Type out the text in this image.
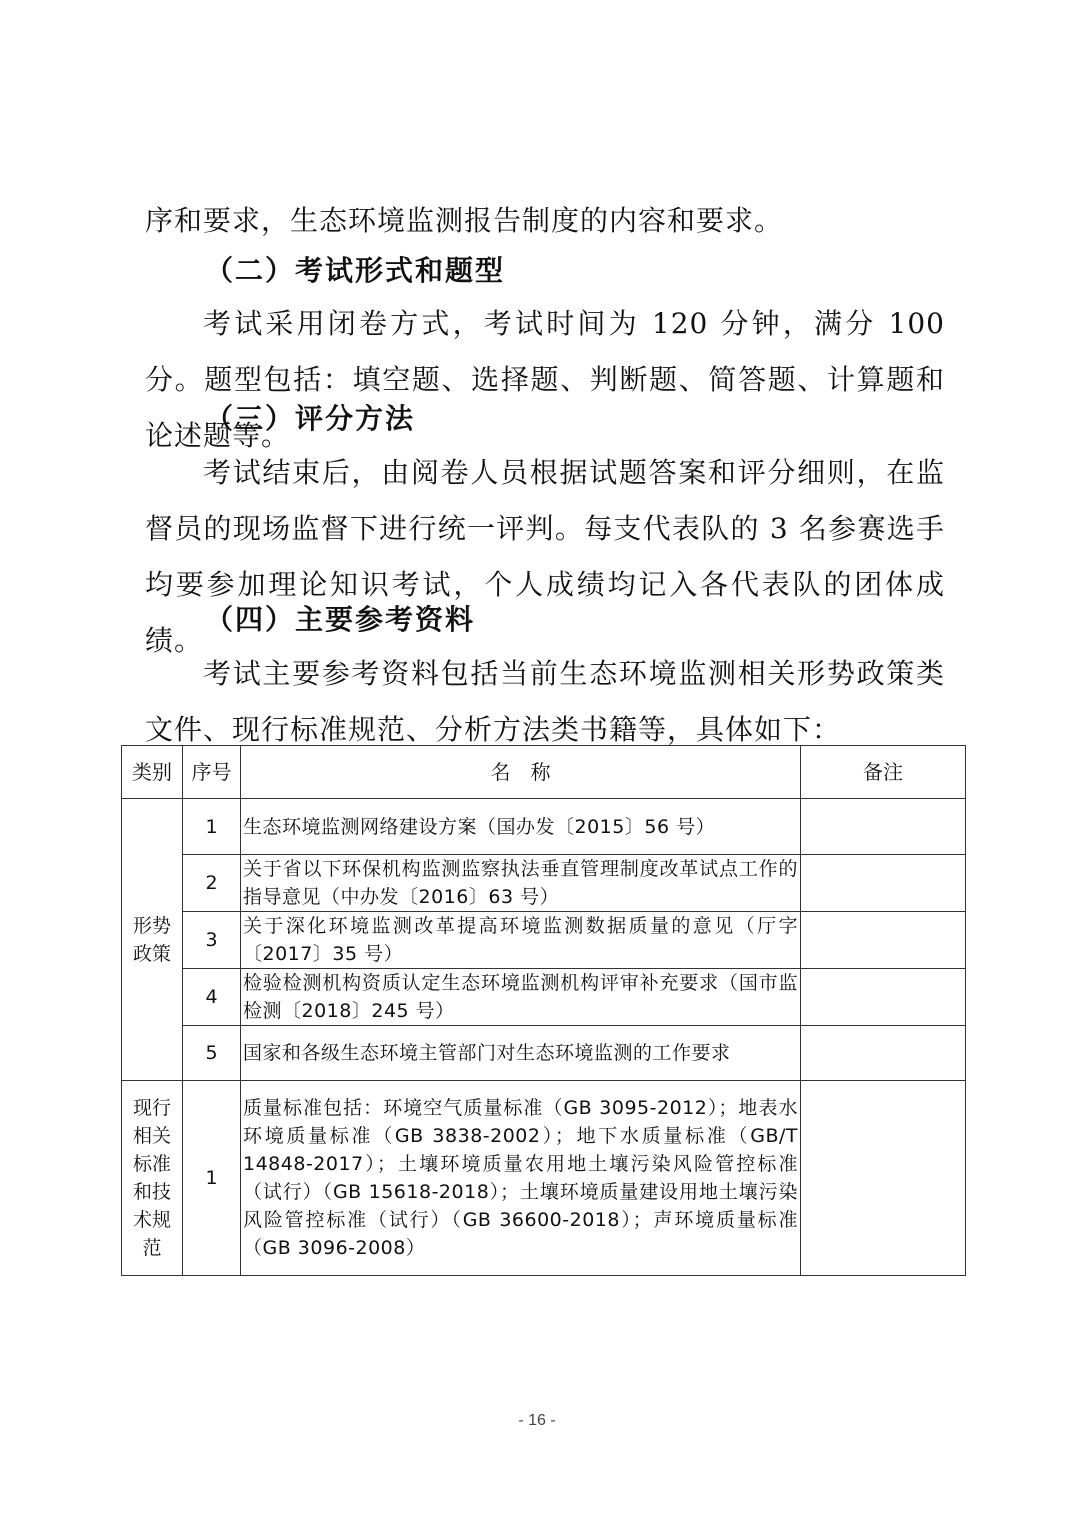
序和要求，生态环境监测报告制度的内容和要求。

（二）考试形式和题型

考试采用闭卷方式，考试时间为 120 分钟，满分 100 分。题型包括：填空题、选择题、判断题、简答题、计算题和论述题等。

（三）评分方法

考试结束后，由阅卷人员根据试题答案和评分细则，在监督员的现场监督下进行统一评判。每支代表队的 3 名参赛选手均要参加理论知识考试，个人成绩均记入各代表队的团体成绩。

（四）主要参考资料

考试主要参考资料包括当前生态环境监测相关形势政策类文件、现行标准规范、分析方法类书籍等，具体如下：

类别	序号	名　称	备注

形势政策	1	生态环境监测网络建设方案（国办发〔2015〕56 号）	
	2	关于省以下环保机构监测监察执法垂直管理制度改革试点工作的指导意见（中办发〔2016〕63 号）	
	3	关于深化环境监测改革提高环境监测数据质量的意见（厅字〔2017〕35 号）	
	4	检验检测机构资质认定生态环境监测机构评审补充要求（国市监检测〔2018〕245 号）	
	5	国家和各级生态环境主管部门对生态环境监测的工作要求	

现行相关标准和技术规范	1	质量标准包括：环境空气质量标准（GB 3095-2012）；地表水环境质量标准（GB 3838-2002）；地下水质量标准（GB/T 14848-2017）；土壤环境质量农用地土壤污染风险管控标准（试行）（GB 15618-2018）；土壤环境质量建设用地土壤污染风险管控标准（试行）（GB 36600-2018）；声环境质量标准（GB 3096-2008）	
- 16 -
